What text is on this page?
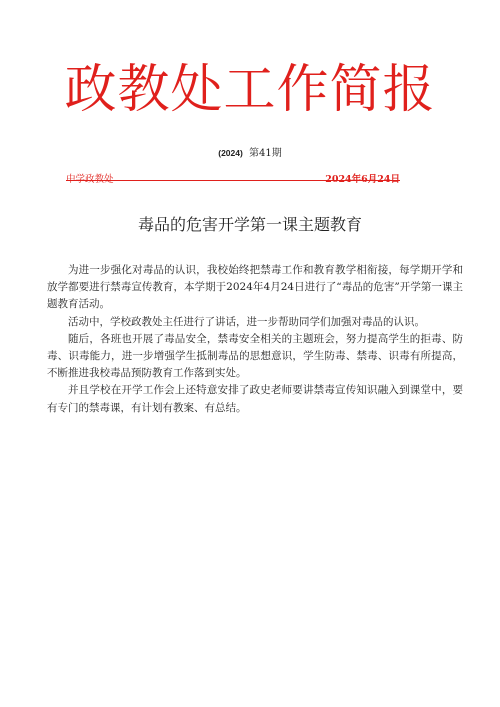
政教处工作简报
(2024) 第41期
中学政教处	2024年6月24日
毒品的危害开学第一课主题教育

为进一步强化对毒品的认识，我校始终把禁毒工作和教育教学相衔接，每学期开学和放学都要进行禁毒宣传教育，本学期于2024年4月24日进行了“毒品的危害”开学第一课主题教育活动。

活动中，学校政教处主任进行了讲话，进一步帮助同学们加强对毒品的认识。

随后，各班也开展了毒品安全，禁毒安全相关的主题班会，努力提高学生的拒毒、防毒、识毒能力，进一步增强学生抵制毒品的思想意识，学生防毒、禁毒、识毒有所提高，不断推进我校毒品预防教育工作落到实处。

并且学校在开学工作会上还特意安排了政史老师要讲禁毒宣传知识融入到课堂中，要有专门的禁毒课，有计划有教案、有总结。
